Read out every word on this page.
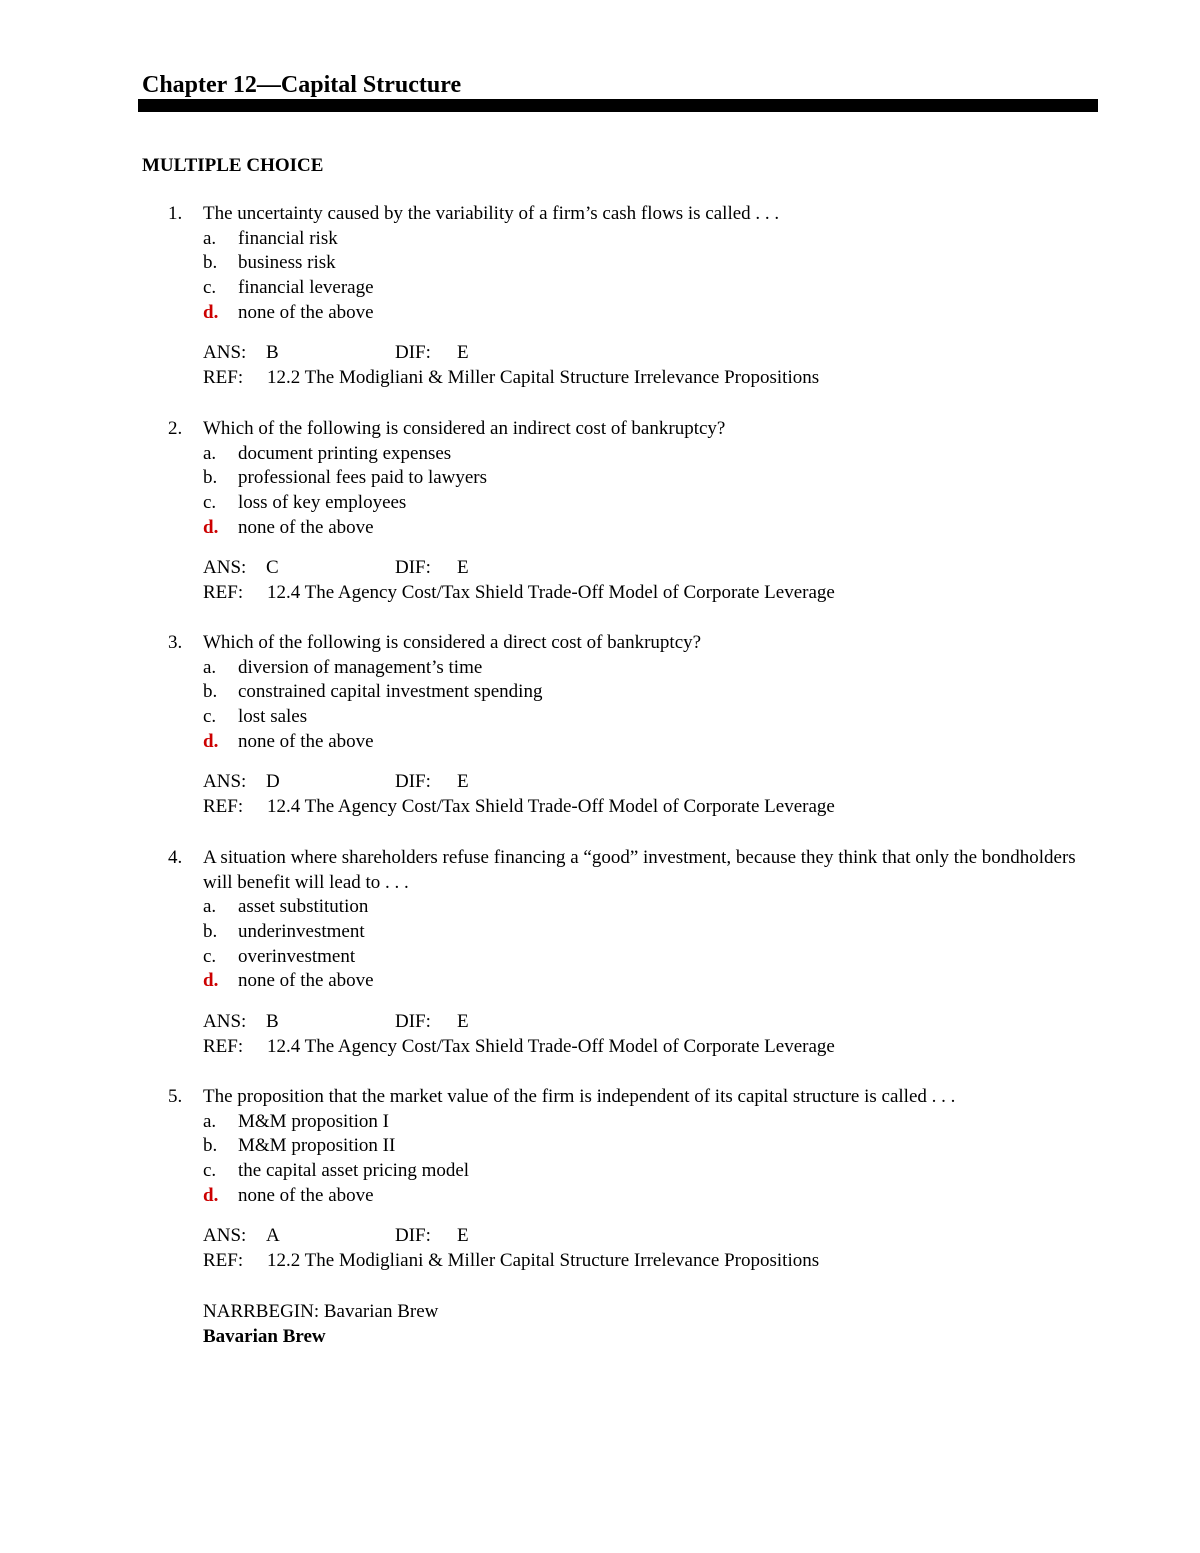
Chapter 12—Capital Structure
MULTIPLE CHOICE
1.	The uncertainty caused by the variability of a firm’s cash flows is called . . .
a. financial risk
b. business risk
c. financial leverage
d. none of the above
ANS: B	DIF: E
REF: 12.2 The Modigliani & Miller Capital Structure Irrelevance Propositions
2.	Which of the following is considered an indirect cost of bankruptcy?
a. document printing expenses
b. professional fees paid to lawyers
c. loss of key employees
d. none of the above
ANS: C	DIF: E
REF: 12.4 The Agency Cost/Tax Shield Trade-Off Model of Corporate Leverage
3.	Which of the following is considered a direct cost of bankruptcy?
a. diversion of management’s time
b. constrained capital investment spending
c. lost sales
d. none of the above
ANS: D	DIF: E
REF: 12.4 The Agency Cost/Tax Shield Trade-Off Model of Corporate Leverage
4.	A situation where shareholders refuse financing a “good” investment, because they think that only the bondholders will benefit will lead to . . .
a. asset substitution
b. underinvestment
c. overinvestment
d. none of the above
ANS: B	DIF: E
REF: 12.4 The Agency Cost/Tax Shield Trade-Off Model of Corporate Leverage
5.	The proposition that the market value of the firm is independent of its capital structure is called . . .
a. M&M proposition I
b. M&M proposition II
c. the capital asset pricing model
d. none of the above
ANS: A	DIF: E
REF: 12.2 The Modigliani & Miller Capital Structure Irrelevance Propositions
NARRBEGIN: Bavarian Brew
Bavarian Brew
